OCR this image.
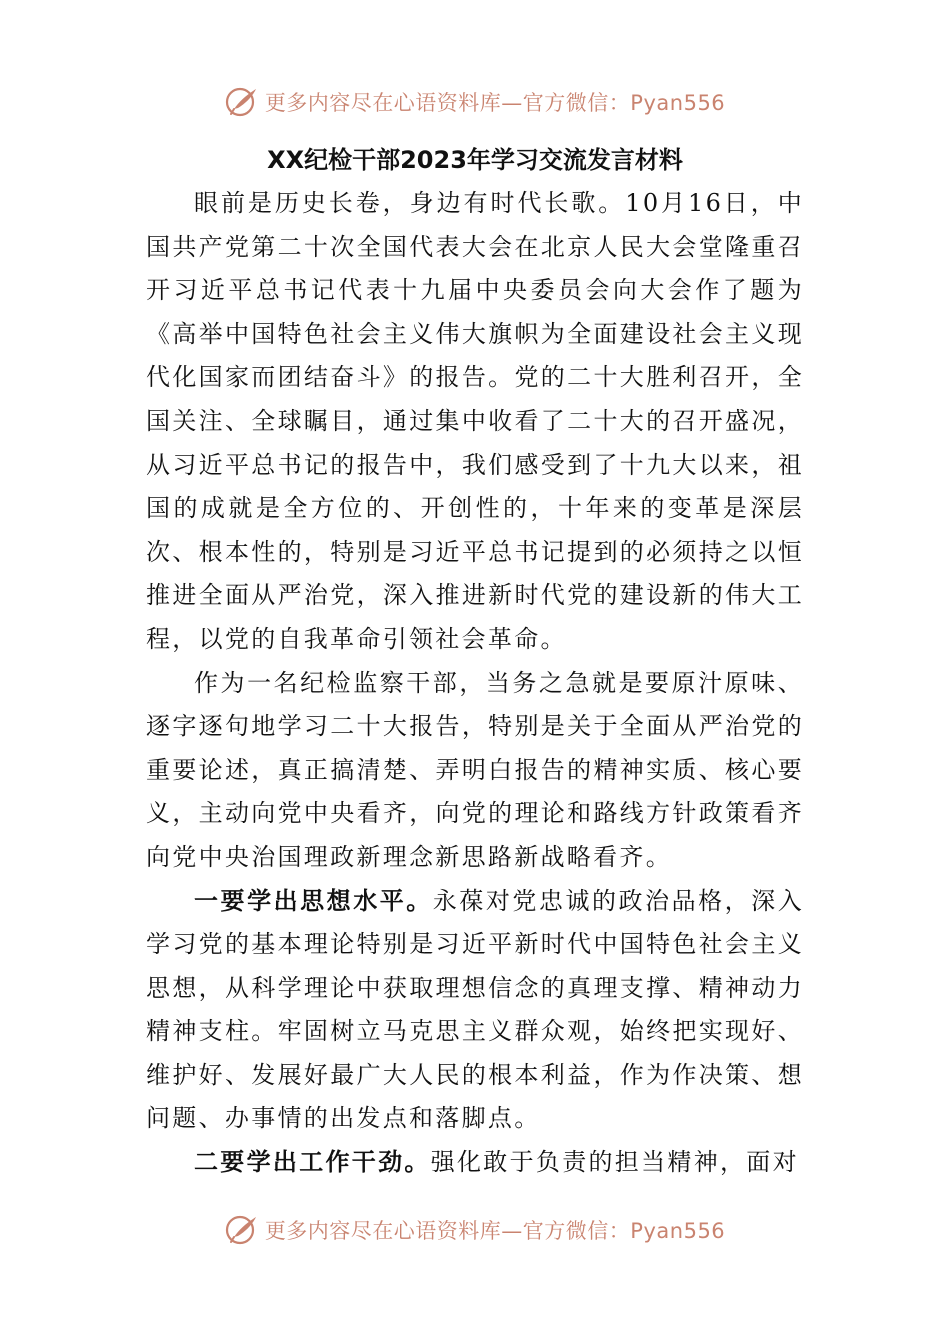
更多内容尽在心语资料库—官方微信：Pyan556
XX纪检干部2023年学习交流发言材料

眼前是历史长卷，身边有时代长歌。10月16日，中国共产党第二十次全国代表大会在北京人民大会堂隆重召开习近平总书记代表十九届中央委员会向大会作了题为《高举中国特色社会主义伟大旗帜为全面建设社会主义现代化国家而团结奋斗》的报告。党的二十大胜利召开，全国关注、全球瞩目，通过集中收看了二十大的召开盛况，从习近平总书记的报告中，我们感受到了十九大以来，祖国的成就是全方位的、开创性的，十年来的变革是深层次、根本性的，特别是习近平总书记提到的必须持之以恒推进全面从严治党，深入推进新时代党的建设新的伟大工程，以党的自我革命引领社会革命。

作为一名纪检监察干部，当务之急就是要原汁原味、逐字逐句地学习二十大报告，特别是关于全面从严治党的重要论述，真正搞清楚、弄明白报告的精神实质、核心要义，主动向党中央看齐，向党的理论和路线方针政策看齐向党中央治国理政新理念新思路新战略看齐。

一要学出思想水平。永葆对党忠诚的政治品格，深入学习党的基本理论特别是习近平新时代中国特色社会主义思想，从科学理论中获取理想信念的真理支撑、精神动力精神支柱。牢固树立马克思主义群众观，始终把实现好、维护好、发展好最广大人民的根本利益，作为作决策、想问题、办事情的出发点和落脚点。

二要学出工作干劲。强化敢于负责的担当精神，面对

更多内容尽在心语资料库—官方微信：Pyan556
